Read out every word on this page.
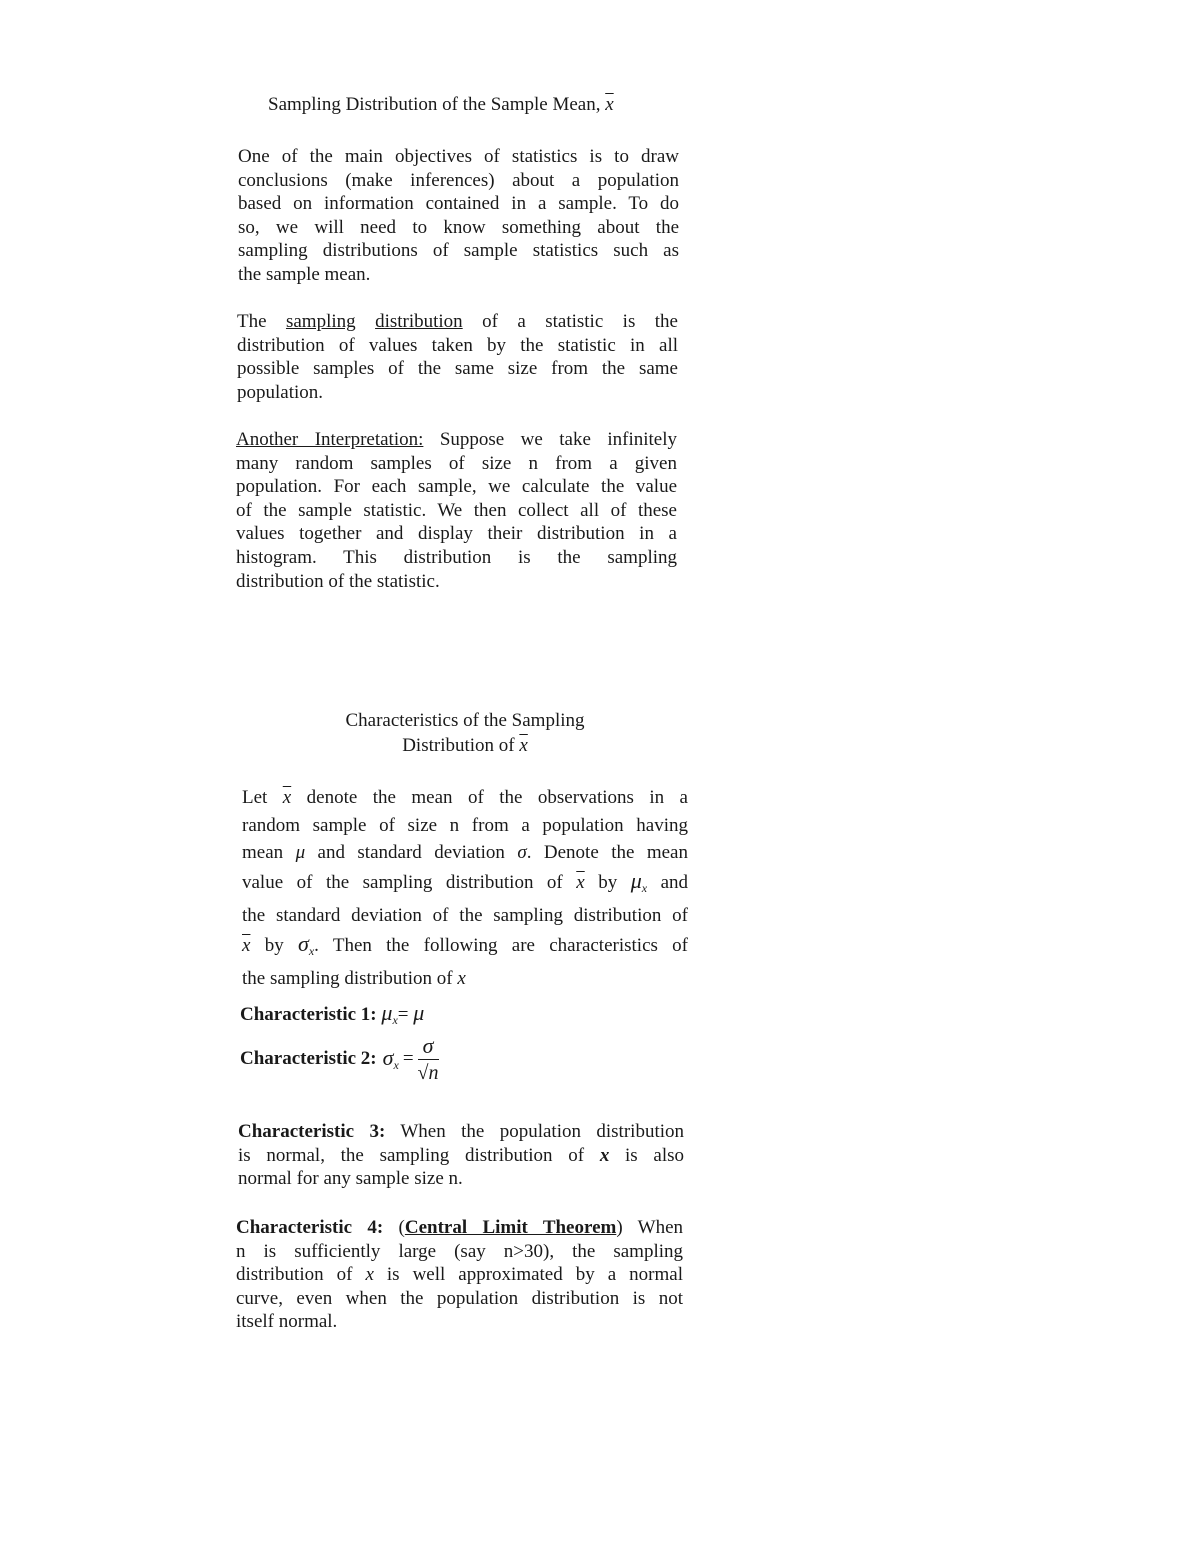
Sampling Distribution of the Sample Mean, $\overline{x}$
One of the main objectives of statistics is to draw
conclusions (make inferences) about a population
based on information contained in a sample. To do
so, we will need to know something about the
sampling distributions of sample statistics such as
the sample mean.
The sampling distribution of a statistic is the
distribution of values taken by the statistic in all
possible samples of the same size from the same
population.
Another Interpretation: Suppose we take infinitely
many random samples of size n from a given
population. For each sample, we calculate the value
of the sample statistic. We then collect all of these
values together and display their distribution in a
histogram. This distribution is the sampling
distribution of the statistic.
Characteristics of the Sampling
Distribution of $\overline{x}$
Let $\overline{x}$ denote the mean of the observations in a
random sample of size n from a population having
mean μ and standard deviation σ. Denote the mean
value of the sampling distribution of $\overline{x}$ by $\mu_x$ and
the standard deviation of the sampling distribution of
$\overline{x}$ by $\sigma_x$. Then the following are characteristics of
the sampling distribution of x
Characteristic 1: $\mu_x= \mu$
Characteristic 2: $\sigma_x = \frac{\sigma}{√n}$
Characteristic 3: When the population distribution
is normal, the sampling distribution of x is also
normal for any sample size n.
Characteristic 4: (Central Limit Theorem) When
n is sufficiently large (say n>30), the sampling
distribution of x is well approximated by a normal
curve, even when the population distribution is not
itself normal.
